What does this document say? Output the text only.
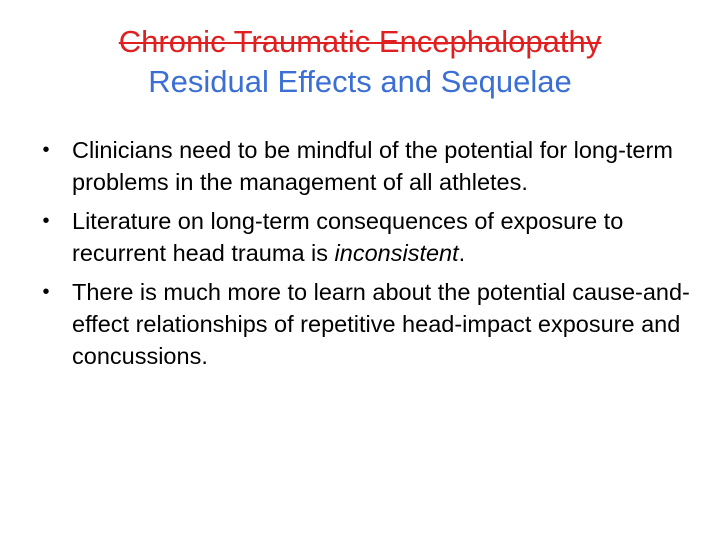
Chronic Traumatic Encephalopathy
Residual Effects and Sequelae
• Clinicians need to be mindful of the potential for long-term problems in the management of all athletes.
• Literature on long-term consequences of exposure to recurrent head trauma is inconsistent.
• There is much more to learn about the potential cause-and-effect relationships of repetitive head-impact exposure and concussions.
